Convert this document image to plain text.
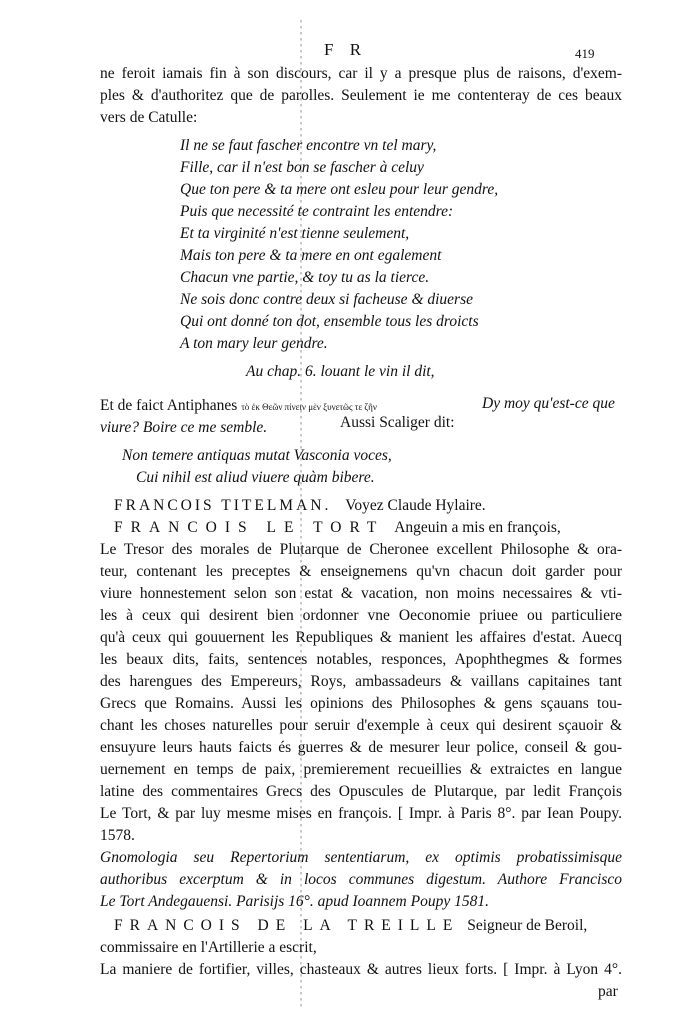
F R	419
ne feroit iamais fin à son discours, car il y a presque plus de raisons, d'exem-
ples & d'authoritez que de parolles. Seulement ie me contenteray de ces beaux
vers de Catulle:
Il ne se faut fascher encontre vn tel mary,
Fille, car il n'est bon se fascher à celuy
Que ton pere & ta mere ont esleu pour leur gendre,
Puis que necessité te contraint les entendre:
Et ta virginité n'est tienne seulement,
Mais ton pere & ta mere en ont egalement
Chacun vne partie, & toy tu as la tierce.
Ne sois donc contre deux si facheuse & diuerse
Qui ont donné ton dot, ensemble tous les droicts
A ton mary leur gendre.
Au chap. 6. louant le vin il dit,
Et de faict Antiphanes τὸ ἐκ Θεῶν πίνειν μὲν ξυνετῶς τε ζῆν	Dy moy qu'est-ce que
viure? Boire ce me semble.	Aussi Scaliger dit:
Non temere antiquas mutat Vasconia voces,
Cui nihil est aliud viuere quàm bibere.
FRANCOIS TITELMAN. Voyez Claude Hylaire.
FRANCOIS LE TORT Angeuin a mis en françois,
Le Tresor des morales de Plutarque de Cheronee excellent Philosophe & ora-
teur, contenant les preceptes & enseignemens qu'vn chacun doit garder pour
viure honnestement selon son estat & vacation, non moins necessaires & vti-
les à ceux qui desirent bien ordonner vne Oeconomie priuee ou particuliere
qu'à ceux qui gouuernent les Republiques & manient les affaires d'estat. Auecq
les beaux dits, faits, sentences notables, responces, Apophthegmes & formes
des harengues des Empereurs, Roys, ambassadeurs & vaillans capitaines tant
Grecs que Romains. Aussi les opinions des Philosophes & gens sçauans tou-
chant les choses naturelles pour seruir d'exemple à ceux qui desirent sçauoir &
ensuyure leurs hauts faicts és guerres & de mesurer leur police, conseil & gou-
uernement en temps de paix, premierement recueillies & extraictes en langue
latine des commentaires Grecs des Opuscules de Plutarque, par ledit François
Le Tort, & par luy mesme mises en françois. [ Impr. à Paris 8°. par Iean Poupy.
1578.
Gnomologia seu Repertorium sententiarum, ex optimis probatissimisque
authoribus excerptum & in locos communes digestum. Authore Francisco
Le Tort Andegauensi. Parisijs 16°. apud Ioannem Poupy 1581.
FRANCOIS DE LA TREILLE Seigneur de Beroil,
commissaire en l'Artillerie a escrit,
La maniere de fortifier, villes, chasteaux & autres lieux forts. [ Impr. à Lyon 4°.
par
